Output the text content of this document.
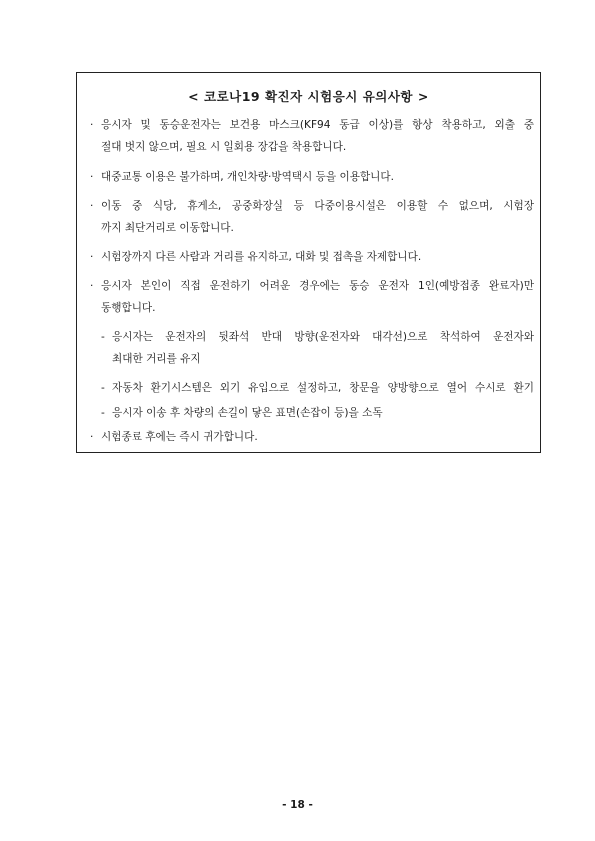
< 코로나19 확진자 시험응시 유의사항 >
· 응시자 및 동승운전자는 보건용 마스크(KF94 동급 이상)를 항상 착용하고, 외출 중
절대 벗지 않으며, 필요 시 일회용 장갑을 착용합니다.
· 대중교통 이용은 불가하며, 개인차량·방역택시 등을 이용합니다.
· 이동 중 식당, 휴게소, 공중화장실 등 다중이용시설은 이용할 수 없으며, 시험장
까지 최단거리로 이동합니다.
· 시험장까지 다른 사람과 거리를 유지하고, 대화 및 접촉을 자제합니다.
· 응시자 본인이 직접 운전하기 어려운 경우에는 동승 운전자 1인(예방접종 완료자)만
동행합니다.
- 응시자는 운전자의 뒷좌석 반대 방향(운전자와 대각선)으로 착석하여 운전자와
최대한 거리를 유지
- 자동차 환기시스템은 외기 유입으로 설정하고, 창문을 양방향으로 열어 수시로 환기
- 응시자 이송 후 차량의 손길이 닿은 표면(손잡이 등)을 소독
· 시험종료 후에는 즉시 귀가합니다.
- 18 -
